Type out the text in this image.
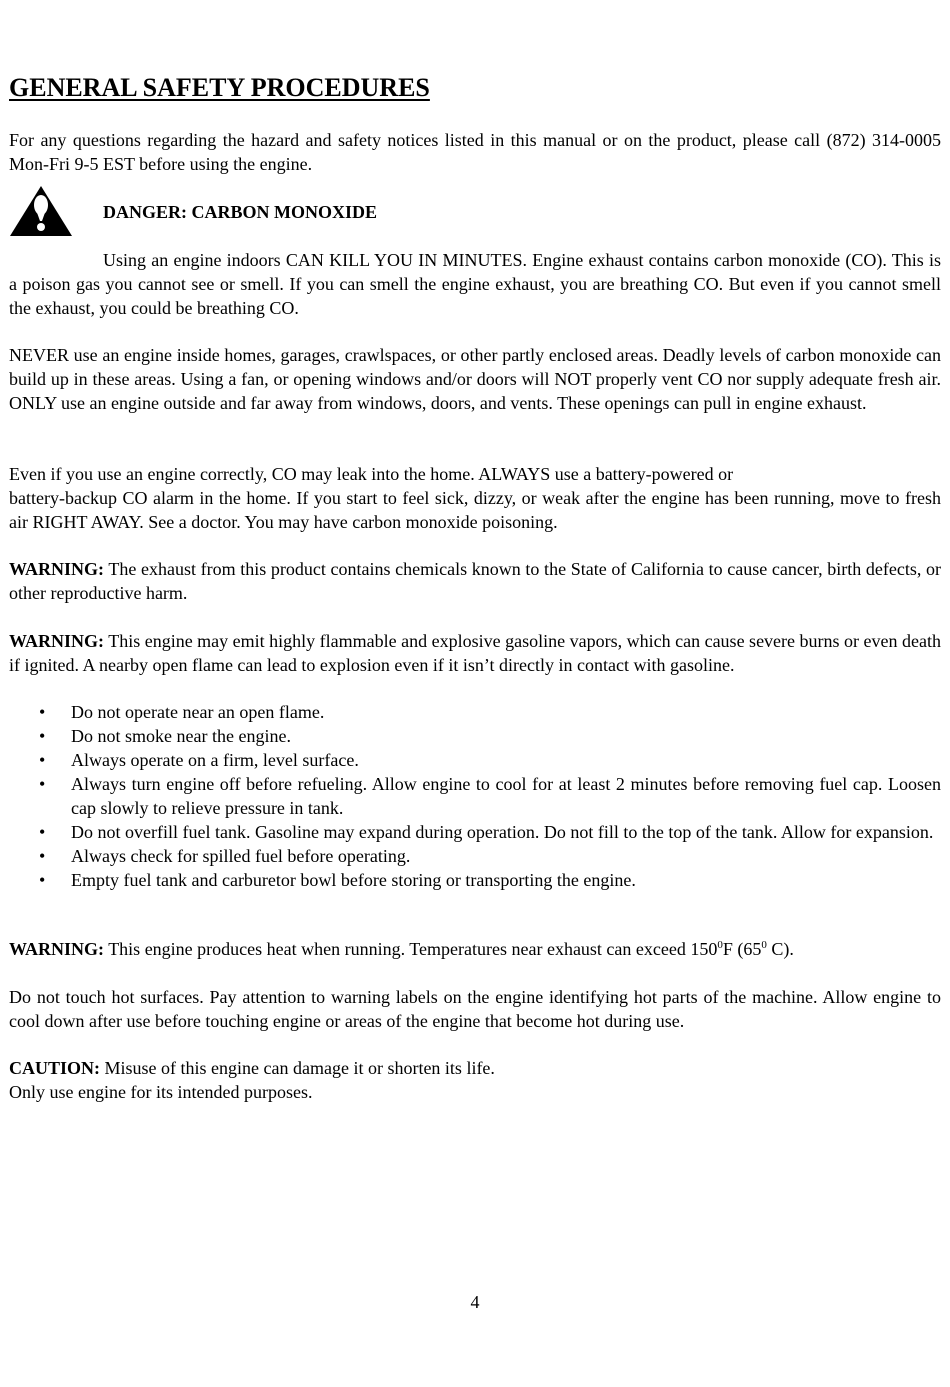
GENERAL SAFETY PROCEDURES

For any questions regarding the hazard and safety notices listed in this manual or on the product, please call (872) 314-0005 Mon-Fri 9-5 EST before using the engine.

DANGER: CARBON MONOXIDE

Using an engine indoors CAN KILL YOU IN MINUTES. Engine exhaust contains carbon monoxide (CO). This is a poison gas you cannot see or smell. If you can smell the engine exhaust, you are breathing CO. But even if you cannot smell the exhaust, you could be breathing CO.

NEVER use an engine inside homes, garages, crawlspaces, or other partly enclosed areas. Deadly levels of carbon monoxide can build up in these areas. Using a fan, or opening windows and/or doors will NOT properly vent CO nor supply adequate fresh air. ONLY use an engine outside and far away from windows, doors, and vents. These openings can pull in engine exhaust.

Even if you use an engine correctly, CO may leak into the home. ALWAYS use a battery-powered or
battery-backup CO alarm in the home. If you start to feel sick, dizzy, or weak after the engine has been running, move to fresh air RIGHT AWAY. See a doctor. You may have carbon monoxide poisoning.

WARNING: The exhaust from this product contains chemicals known to the State of California to cause cancer, birth defects, or other reproductive harm.

WARNING: This engine may emit highly flammable and explosive gasoline vapors, which can cause severe burns or even death if ignited. A nearby open flame can lead to explosion even if it isn’t directly in contact with gasoline.

• Do not operate near an open flame.
• Do not smoke near the engine.
• Always operate on a firm, level surface.
• Always turn engine off before refueling. Allow engine to cool for at least 2 minutes before removing fuel cap. Loosen cap slowly to relieve pressure in tank.
• Do not overfill fuel tank. Gasoline may expand during operation. Do not fill to the top of the tank. Allow for expansion.
• Always check for spilled fuel before operating.
• Empty fuel tank and carburetor bowl before storing or transporting the engine.

WARNING: This engine produces heat when running. Temperatures near exhaust can exceed $150^0F$ ($65^0$ C).

Do not touch hot surfaces. Pay attention to warning labels on the engine identifying hot parts of the machine. Allow engine to cool down after use before touching engine or areas of the engine that become hot during use.

CAUTION: Misuse of this engine can damage it or shorten its life.
Only use engine for its intended purposes.
4
